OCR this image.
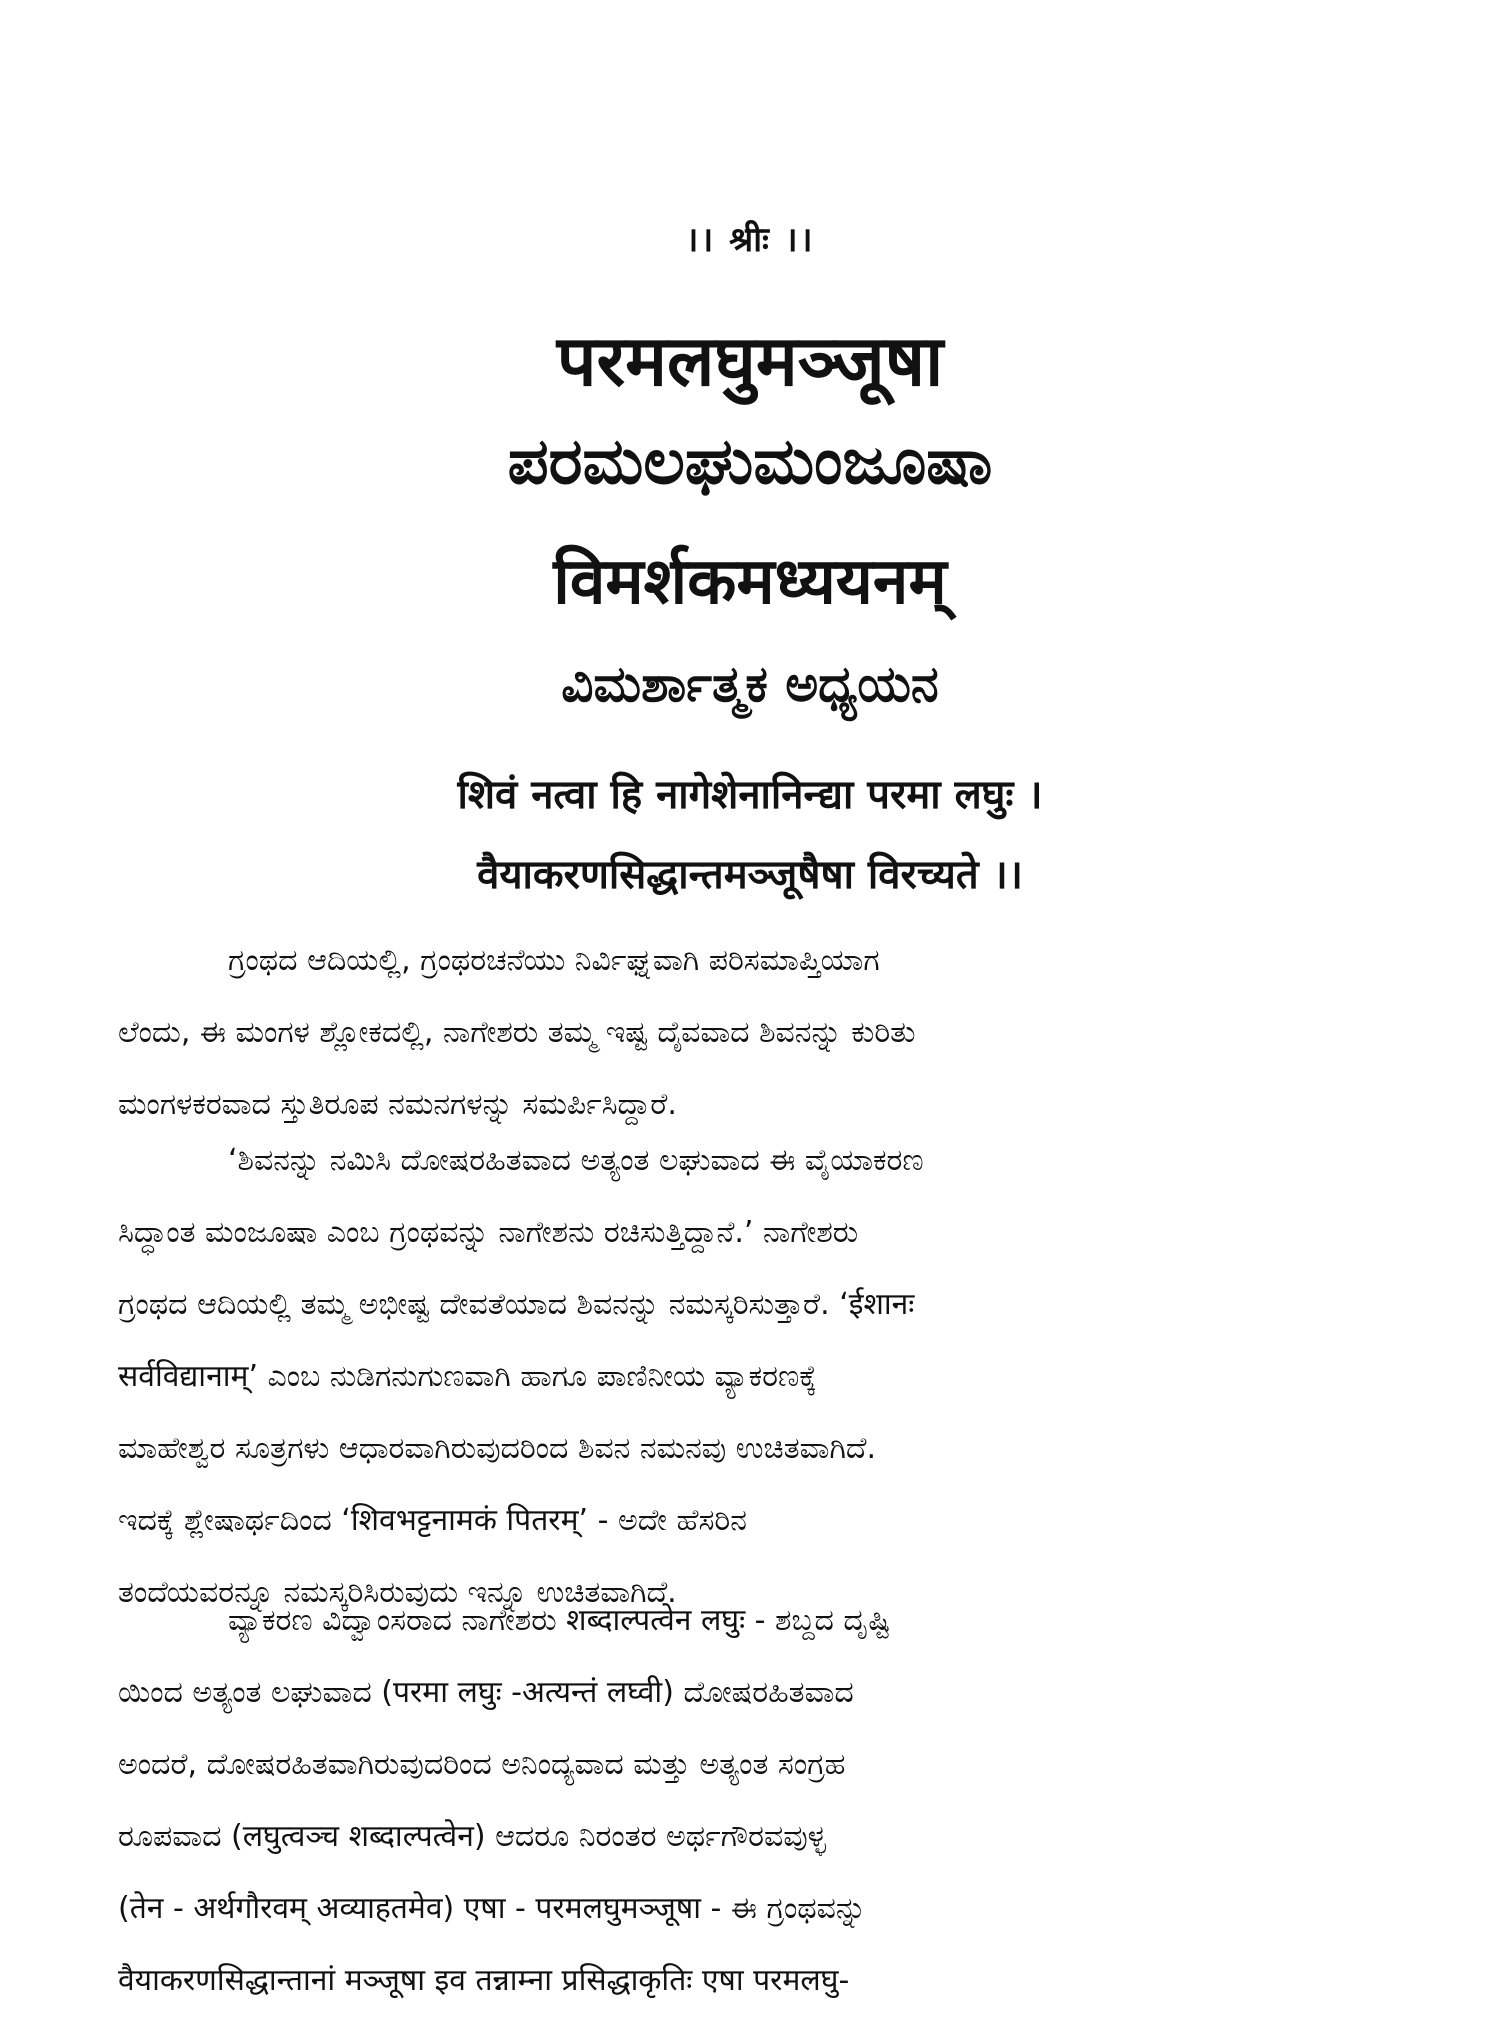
।। श्रीः ।।
परमलघुमञ्जूषा
ಪರಮಲಘುಮಂಜೂಷಾ
विमर्शकमध्ययनम्
ವಿಮರ್ಶಾತ್ಮಕ ಅಧ್ಯಯನ
शिवं नत्वा हि नागेशेनानिन्द्या परमा लघुः ।
वैयाकरणसिद्धान्तमञ्जूषैषा विरच्यते ।।
ಗ್ರಂಥದ ಆದಿಯಲ್ಲಿ, ಗ್ರಂಥರಚನೆಯು ನಿರ್ವಿಘ್ನವಾಗಿ ಪರಿಸಮಾಪ್ತಿಯಾಗ
ಲೆಂದು, ಈ ಮಂಗಳ ಶ್ಲೋಕದಲ್ಲಿ, ನಾಗೇಶರು ತಮ್ಮ ಇಷ್ಟ ದೈವವಾದ ಶಿವನನ್ನು ಕುರಿತು
ಮಂಗಳಕರವಾದ ಸ್ತುತಿರೂಪ ನಮನಗಳನ್ನು ಸಮರ್ಪಿಸಿದ್ದಾರೆ.
‘ಶಿವನನ್ನು ನಮಿಸಿ ದೋಷರಹಿತವಾದ ಅತ್ಯಂತ ಲಘುವಾದ ಈ ವೈಯಾಕರಣ
ಸಿದ್ಧಾಂತ ಮಂಜೂಷಾ ಎಂಬ ಗ್ರಂಥವನ್ನು ನಾಗೇಶನು ರಚಿಸುತ್ತಿದ್ದಾನೆ.’ ನಾಗೇಶರು
ಗ್ರಂಥದ ಆದಿಯಲ್ಲಿ ತಮ್ಮ ಅಭೀಷ್ಟ ದೇವತೆಯಾದ ಶಿವನನ್ನು ನಮಸ್ಕರಿಸುತ್ತಾರೆ. ‘ईशानः
सर्वविद्यानाम्’ ಎಂಬ ನುಡಿಗನುಗುಣವಾಗಿ ಹಾಗೂ ಪಾಣಿನೀಯ ವ್ಯಾಕರಣಕ್ಕೆ
ಮಾಹೇಶ್ವರ ಸೂತ್ರಗಳು ಆಧಾರವಾಗಿರುವುದರಿಂದ ಶಿವನ ನಮನವು ಉಚಿತವಾಗಿದೆ.
ಇದಕ್ಕೆ ಶ್ಲೇಷಾರ್ಥದಿಂದ ‘शिवभट्टनामकं पितरम्’ - ಅದೇ ಹೆಸರಿನ
ತಂದೆಯವರನ್ನೂ ನಮಸ್ಕರಿಸಿರುವುದು ಇನ್ನೂ ಉಚಿತವಾಗಿದೆ.
ವ್ಯಾಕರಣ ವಿದ್ವಾಂಸರಾದ ನಾಗೇಶರು शब्दाल्पत्वेन लघुः - ಶಬ್ದದ ದೃಷ್ಟಿ
ಯಿಂದ ಅತ್ಯಂತ ಲಘುವಾದ (परमा लघुः -अत्यन्तं लघ्वी) ದೋಷರಹಿತವಾದ
ಅಂದರೆ, ದೋಷರಹಿತವಾಗಿರುವುದರಿಂದ ಅನಿಂದ್ಯವಾದ ಮತ್ತು ಅತ್ಯಂತ ಸಂಗ್ರಹ
ರೂಪವಾದ (लघुत्वञ्च शब्दाल्पत्वेन) ಆದರೂ ನಿರಂತರ ಅರ್ಥಗೌರವವುಳ್ಳ
(तेन - अर्थगौरवम् अव्याहतमेव) एषा - परमलघुमञ्जूषा - ಈ ಗ್ರಂಥವನ್ನು
वैयाकरणसिद्धान्तानां मञ्जूषा इव तन्नाम्ना प्रसिद्धाकृतिः एषा परमलघु-
